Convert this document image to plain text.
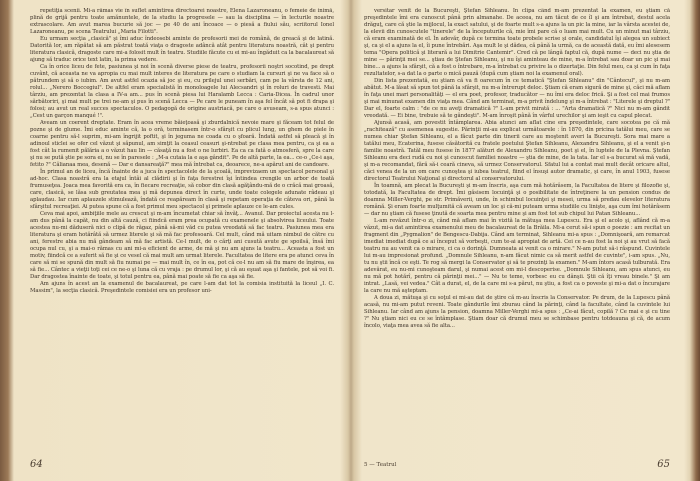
repetiţia scenii. Mi-a rămas vie în suflet amintirea directoarei noastre, Elena Lazaroneanu, o femeie de inimă, plină de grijă pentru toate amănuntele, de la studiu la progresele — sau la disciplina — în lecturile noastre extrascolare. Am avut marea bucurie să joc — pe 40 de ani încoace — o piesă a fiului său, scriitorul Ionel Lazaroneanu, pe scena Teatrului „Maria Filotti".

Eu urmam secţia „clasică" şi îmi aduc îndeosebi aminte de profesorii mei de română, de greacă şi de latină. Datorită lor, am răpătat să am păstrat toată viaţa o dragoste adâncă atât pentru literatura noastră, cât şi pentru literatura clasică, dragoste care mi-a folosit mult în teatru. Studiile făcute cu ei mi-au îngăduit ca la bacalaureat să ajung să traduc orice text latin, la prima vedere.

Ca în orice liceu de fete, pasiunea şi noi în scenă diverse piese de teatru, profesorii noştri socotind, pe drept cuvânt, că aceasta ne va apropia cu mai mult interes de literatura pe care o studiam la cursuri şi ne va face să o pătrundem şi să o iubim. Am avut astfel ocazia să joc şi eu, cu prilejul unei serbări, cam pe la vârsta de 12 ani, rolul... „Nerero Boccegiul". De altfel eram specialistă în monoloagele lui Alecsandri şi în roluri de travesti. Mai târziu, am prezentat la clasa a IV-a am... pus în scenă piesa lui Haralamb Lecca : Caria-Dicea. În cadrul unor sărbătoriri, şi mai mult pe trei ne-am şi pus în scenă Lecca — Pe care le puneam în aşa fel încât să pot fi drapa şi folosi; au avut un real succes spectaculos. O pedagogă de origine austriacă, pe care o avuseam, s-a spus atunci : „Cest un garçon manqué !".

Aveam un coerent dreptate. Eram în acea vreme băieţoasă şi zburdalnică nevoie mare şi făceam tot felul de pozne şi de glume. Îmi educ aminte că, la o oră, terminasem într-o sfârşit cu plicul lung, un ghem de piele în coarne pentru să-l suprim, mi-am îngrijit poftit, şi în jeguma ne coada cu o şfoară. Îndată astfel să pleacă şi în adinoul sticlei se ofer cel văzut şi săpunul, am simţit la ceasul ceasuri şi-ntrebat pe clasa mea pentru, ca şi ea a fost cât la rumenit pălăria a o văzut hau lin — căsaţă nu a fost o ne lurbiri. Ea ca ca fată o atmosferă, spre la care şi nu se pută ştie pe sora ei, nu se în paresele : „M-a cutaia la e aşa gândit". Pe de altă parte, la ea... ce-o „Ce-i aşa, fetito ?" Călianaa mea, desenă — Dar e dansareaţă?" mea mă întrebat ca, deoarece, ne-a apărut ani de candoare.

În primul an de liceu, încă înainte de a juca în spectacolele de la şcoală, imprevizaem un spectacol personal şi ad-hoc. Clasa noastră era la etajul întâi al clădirii şi în faţa ferestrei îşi întindea crengile un arbor de toată frumuseţea. Joaca mea favorită era ca, în fiecare recreaţie, să cobor din clasă agăţându-mă de o crăcă mai groasă, care, clasică, se lăsa sub greutatea mea şi mă depunea direct în curte, unde toate colegele adunate râdeau şi aplaudau. Iar cum aplauzele stimulează, îndată ce reapăream în clasă şi repetam operaţia de câteva ori, până la sfârşitul recreaţiei. Ai putea spune că a fost primul meu spectacol şi primele aplauze ce le-am cules.

Ceva mai apoi, ambiţiile mele au crescut şi m-am încumetat chiar să învăţ... Avanul. Dar proiectul acesta nu l-am dus până la capăt, nu din altă cauză, ci fiindcă eram prea ocupată cu examenele şi absolvirea liceului. Toate acestea nu-mi dăduseră nici o clipă de răgaz, până să-mi văd cu putea vreodată să fac teatru. Pasiunea mea era literatura şi eram hotărâtă să urmez literele şi să mă fac profesoară. Cel mult, când mă uitam nimbul de către cu ani, ferestre abia nu mă gândeam să mă fac artistă. Ce-l mult, de o cărţi ani cusută avute ge spoilsă, însă îmi ocupa nul cu, şi a mai-o rămas cu ani mi-a eficient de arme, de mă şi nu am ajuns la teatru... Aceasta a fost un motiv, fiindcă ce a suferit să fie şi ce vesel că mai mult am urmat literele. Facultatea de litere era pe atunci ceva în care să mi se spună din mult să fiu numai pe — mai mult în, ce în ea, pot că ce-l nu am să fiu mare de înşirea, ea să fie... Cântec a vieţii toţi cei ce ne-o şi luna că cu vraja : pe drumul lor, şi că au eşuat aşa şi fantele, pot să voi fi. Dar dragostea înainte de toate, şi totul pentru ea, până mai poate să fie ca aşa să fie.

Am ajuns în acest an la examenul de bacalaureat, pe care l-am dat tot la comisia instituită la liceul „I. C. Massim", la secţia clasică. Preşedintele comisiei era un profesor uni-

64

versitar venit de la Bucureşti, Ştefan Sihleanu. În clipa când m-am prezentat la examen, eu ştiam că preşedintele îmi era cunoscut până prin almanahe. De aceea, nu am tăcut de ce îl şi am întrebat, destul acela drăguţ, care că ştie la mijlocul, la exact satului, şi de foarte mult s-a ajuns la un pic la mine, iar la vârsta acestei de, la elevii din cunoscutele "tinerele" de la începuturile că, mie îmi pare că o luam mai mult. Cu un minut mai târziu, că eram examinată de el. În adevăr, după ce termina toate probele scrise şi orale, candidatul îşi alegea un subiect şi, ca şi el a ajuns la el, îi pune întrebări. Aşa mult le şi dădea, că până la urmă, ca de această dată, eu îmi alesesem tema "Opera politică şi literară a lui Dimitrie Cantemir". Cred că pe lângă faptul că, după nume — deci nu ştia de mine — părinţii mei se... ştiau de Ştefan Sihleanu, şi nu îşi aminteau de mine, m-a întrebat sau doar un pic şi mai bine... a ajuns la sfârşit, că a fost o întrebare, m-a întrebat cu privire la o dizertaţie. Din felul meu, ca şi cum în faţa rezultatelor, s-a dat la o parte o mică pauză (după cum ştiam noi la examenul oral).

Din lista prezentată, eu ştiam că va fi oarecum în ce tematică "Ştefan Sihleanu" din "Cântecul", şi nu m-am abătut. M-a lăsat să spun tot până la sfârşit, nu m-a întrerupt deloc. Ştiam că eram sigură de mine şi, căci mă aflam în faţa unei mari personalităţi — el era poet, profesor, traducător — nu îmi era deloc frică. Şi a fost cel mai frumos şi mai minunat examen din viaţa mea. Când am terminat, m-a privit îndelung şi m-a întrebat : "Literele şi dreptul ?" Dar el, foarte calm : "de ce nu aveţi dramatică ?" L-am privit mirată : ... "Arta dramatică ?" Nici nu m-am gândit vreodată. — Ei bine, trebuie să te gândeşti". M-am înroşit până în vârful urechilor şi am ieşit cu capul plecat.

Ajunsă acasă, am povestit întâmplarea. Abia atunci am aflat cine era preşedintele, care socotea pe că mă „rachitează" cu asemenea sugestie. Părinţii mi-au explicat următoarele : în 1870, din pricina tatălui meu, care se numea chiar Ştefan Sihleanu, el a făcut parte din tinerii care au moştenit averi la Bucureşti. Sora mai mare a tatălui meu, Ecaterina, fusese căsătorită cu fratele poetului Ştefan Sihleanu, Alexandru Sihleanu, şi el a venit şi-n familie noastră. Tatăl meu fusese în 1877 alături de Alexandru Sihleanu, poet şi el, în luptele de la Plevna. Ştefan Sihleanu era deci rudă cu noi şi cunoscut familiei noastre — ştia de mine, de la tata. Iar el s-a bucurat să mă vadă, şi m-a recomandat, fără să-i ceară cineva, să urmez Conservatorul. Sfatul lui a contat mai mult decât oricare altul, căci venea de la un om care cunoştea şi iubea teatrul, fiind el însuşi autor dramatic, şi care, în anul 1903, fusese directorul Teatrului Naţional şi directorul al conservatorului.

În toamnă, am plecat la Bucureşti şi m-am înscris, aşa cum mă hotărâsem, la Facultatea de litere şi filozofie şi, totodată, la Facultatea de drept. Îmi găsisem locuinţă şi o posibilitate de întreţinere la un pension condus de doamna Miller-Verghi, pe str. Primăverii, unde, în schimbul locuinţei şi mesei, urma să predau elevelor literatura română. Şi eram foarte mulţumită că aveam un loc şi că-mi puteam urma studiile cu linişte, aşa cum îmi hotărâsem — dar nu ştiam că fusese ţinută de soarta mea pentru mine şi am fost tot sub chipul lui Patan Sihleanu...

L-am revăzut într-o zi, când mă aflam mai în vizită la mătuşa mea Lupescu. Era şi el acolo şi, aflând că m-a văzut, mi-a dat amintirea examenului meu de bacalaureat de la Brăila. Mi-a cerut să-i spun o poezie : am recitat un fragment din „Pygmalion" de Bengescu-Dabija. Când am terminat, Sihleanu mi-a spus : „Domnişoară, am remarcat imediat imediat după ce ai început să vorbeşti, cum te-ai apropiat de artă. Cei ce n-au fost la noi şi au vrut să facă teatru nu au venit ca o mirare, ci ca o dorinţă. Dumneata ai venit ca o mirare." N-am putut să-i răspund. Cuvintele lui m-au impresionat profund. „Domnule Sihleanu, n-am făcut nimic ca să merit astfel de cuvinte", i-am spus. „Nu, tu nu ştii încă ce eşti. Te rog să mergi la Conservator şi să te prezinţi la examen." M-am întors acasă tulburată. Era adevărat, eu nu-mi cunoşteam darul, şi numai acest om mi-l descoperise. „Domnule Sihleanu, am spus atunci, eu nu mă pot hotărî, pentru că părinţii mei..." — Nu te teme, vorbesc eu cu dânşii. Ştii că îţi vreau binele." Şi am intrat. „Lasă, vei vedea." Cât a durat, el, de la care mi s-a părut, nu ştiu, a fost ca o poveste şi mi-a dat o încurajare la care nu mă aşteptam.

A doua zi, mătuşa şi cu soţul ei mi-au dat de ştire că m-au înscris la Conservator. Pe drum, de la Lupescu până acasă, nu mi-am putut reveni. Toate gândurile îmi zburau când la părinţi, când la facultate, când la cuvintele lui Sihleanu. Iar când am ajuns la pension, doamna Miller-Verghi mi-a spus : „Ce-ai făcut, copilă ? Ce mai e şi cu tine ?" Nu ştiam nici eu ce se întâmplase. Ştiam doar că drumul meu se schimbase pentru totdeauna şi că, de acum încolo, viaţa mea avea să fie alta...

5 — Teatrul	65
